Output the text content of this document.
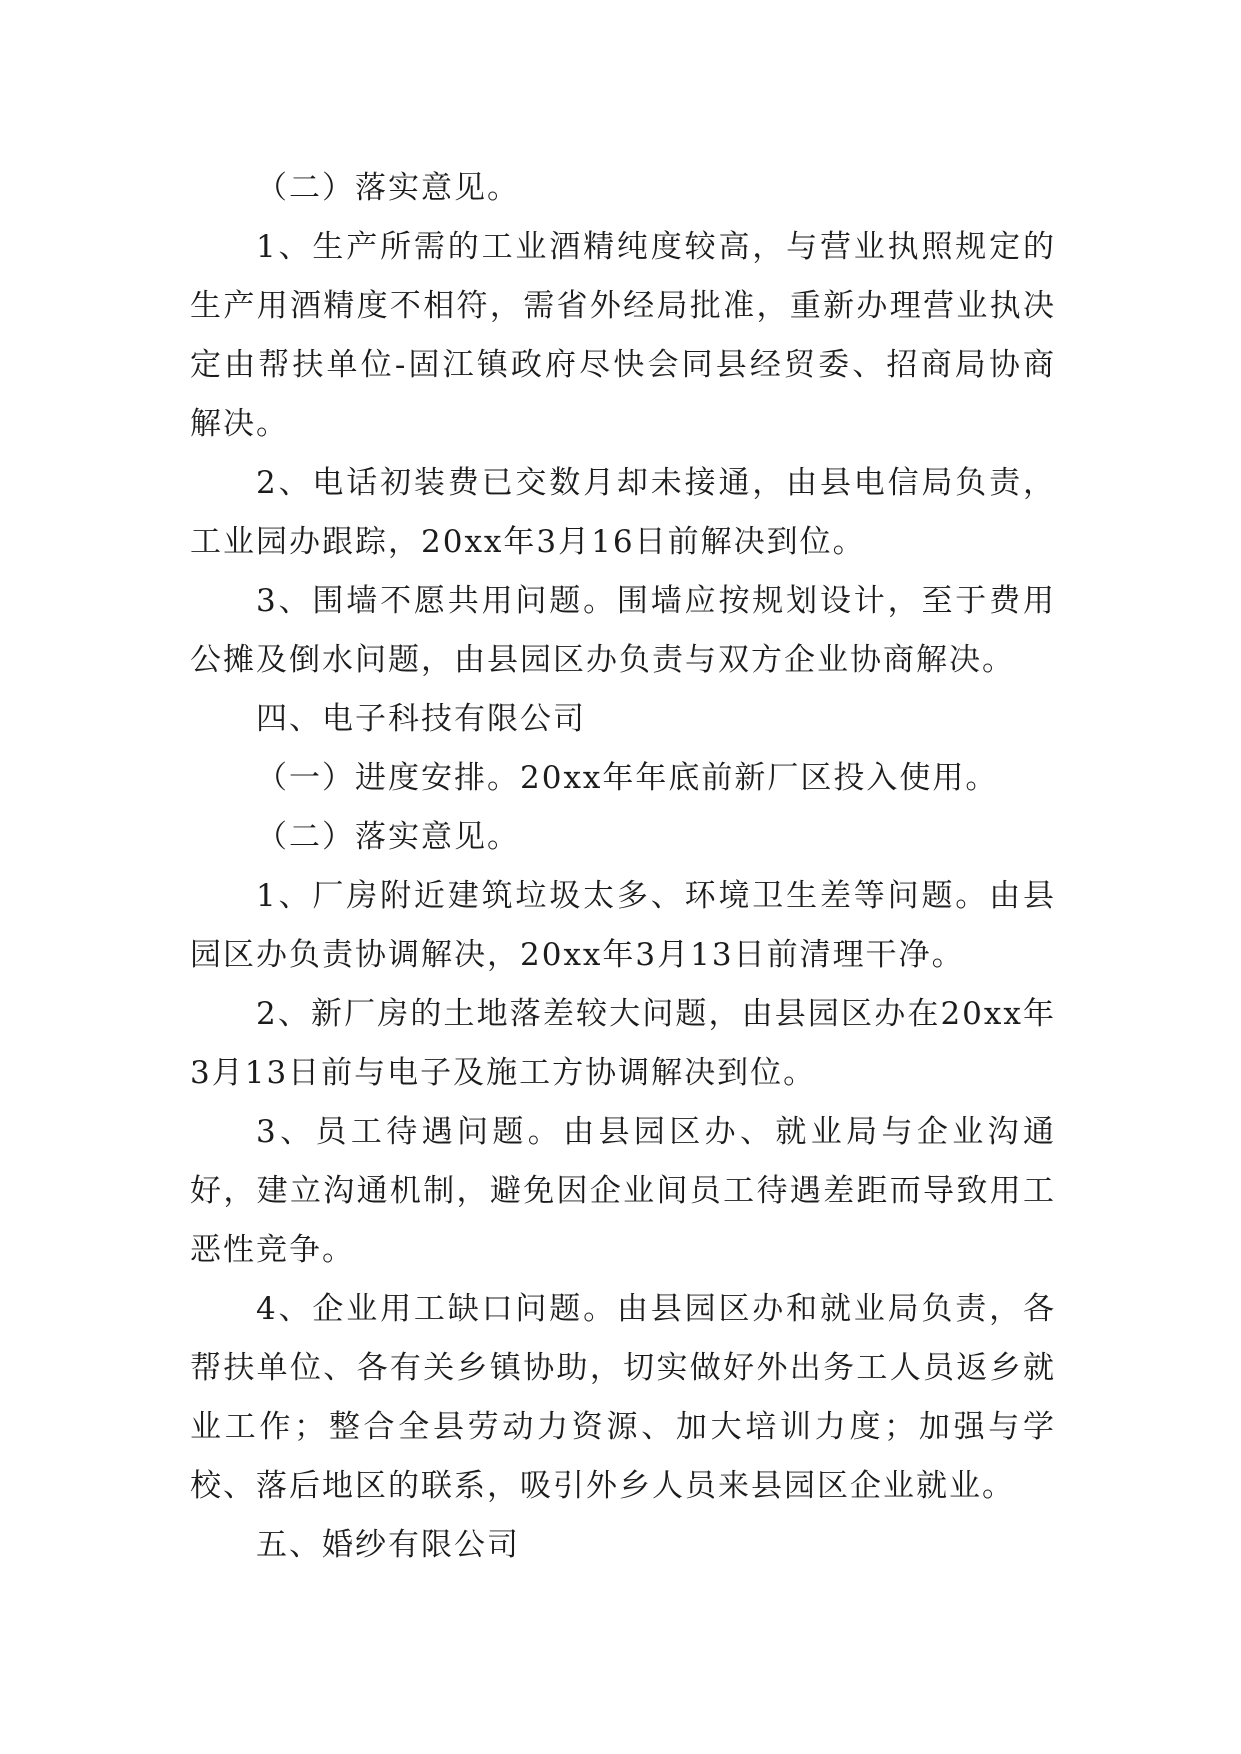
（二）落实意见。

1、生产所需的工业酒精纯度较高，与营业执照规定的生产用酒精度不相符，需省外经局批准，重新办理营业执决定由帮扶单位-固江镇政府尽快会同县经贸委、招商局协商解决。

2、电话初装费已交数月却未接通，由县电信局负责，工业园办跟踪，20xx年3月16日前解决到位。

3、围墙不愿共用问题。围墙应按规划设计，至于费用公摊及倒水问题，由县园区办负责与双方企业协商解决。

四、电子科技有限公司

（一）进度安排。20xx年年底前新厂区投入使用。

（二）落实意见。

1、厂房附近建筑垃圾太多、环境卫生差等问题。由县园区办负责协调解决，20xx年3月13日前清理干净。

2、新厂房的土地落差较大问题，由县园区办在20xx年3月13日前与电子及施工方协调解决到位。

3、员工待遇问题。由县园区办、就业局与企业沟通好，建立沟通机制，避免因企业间员工待遇差距而导致用工恶性竞争。

4、企业用工缺口问题。由县园区办和就业局负责，各帮扶单位、各有关乡镇协助，切实做好外出务工人员返乡就业工作；整合全县劳动力资源、加大培训力度；加强与学校、落后地区的联系，吸引外乡人员来县园区企业就业。

五、婚纱有限公司
